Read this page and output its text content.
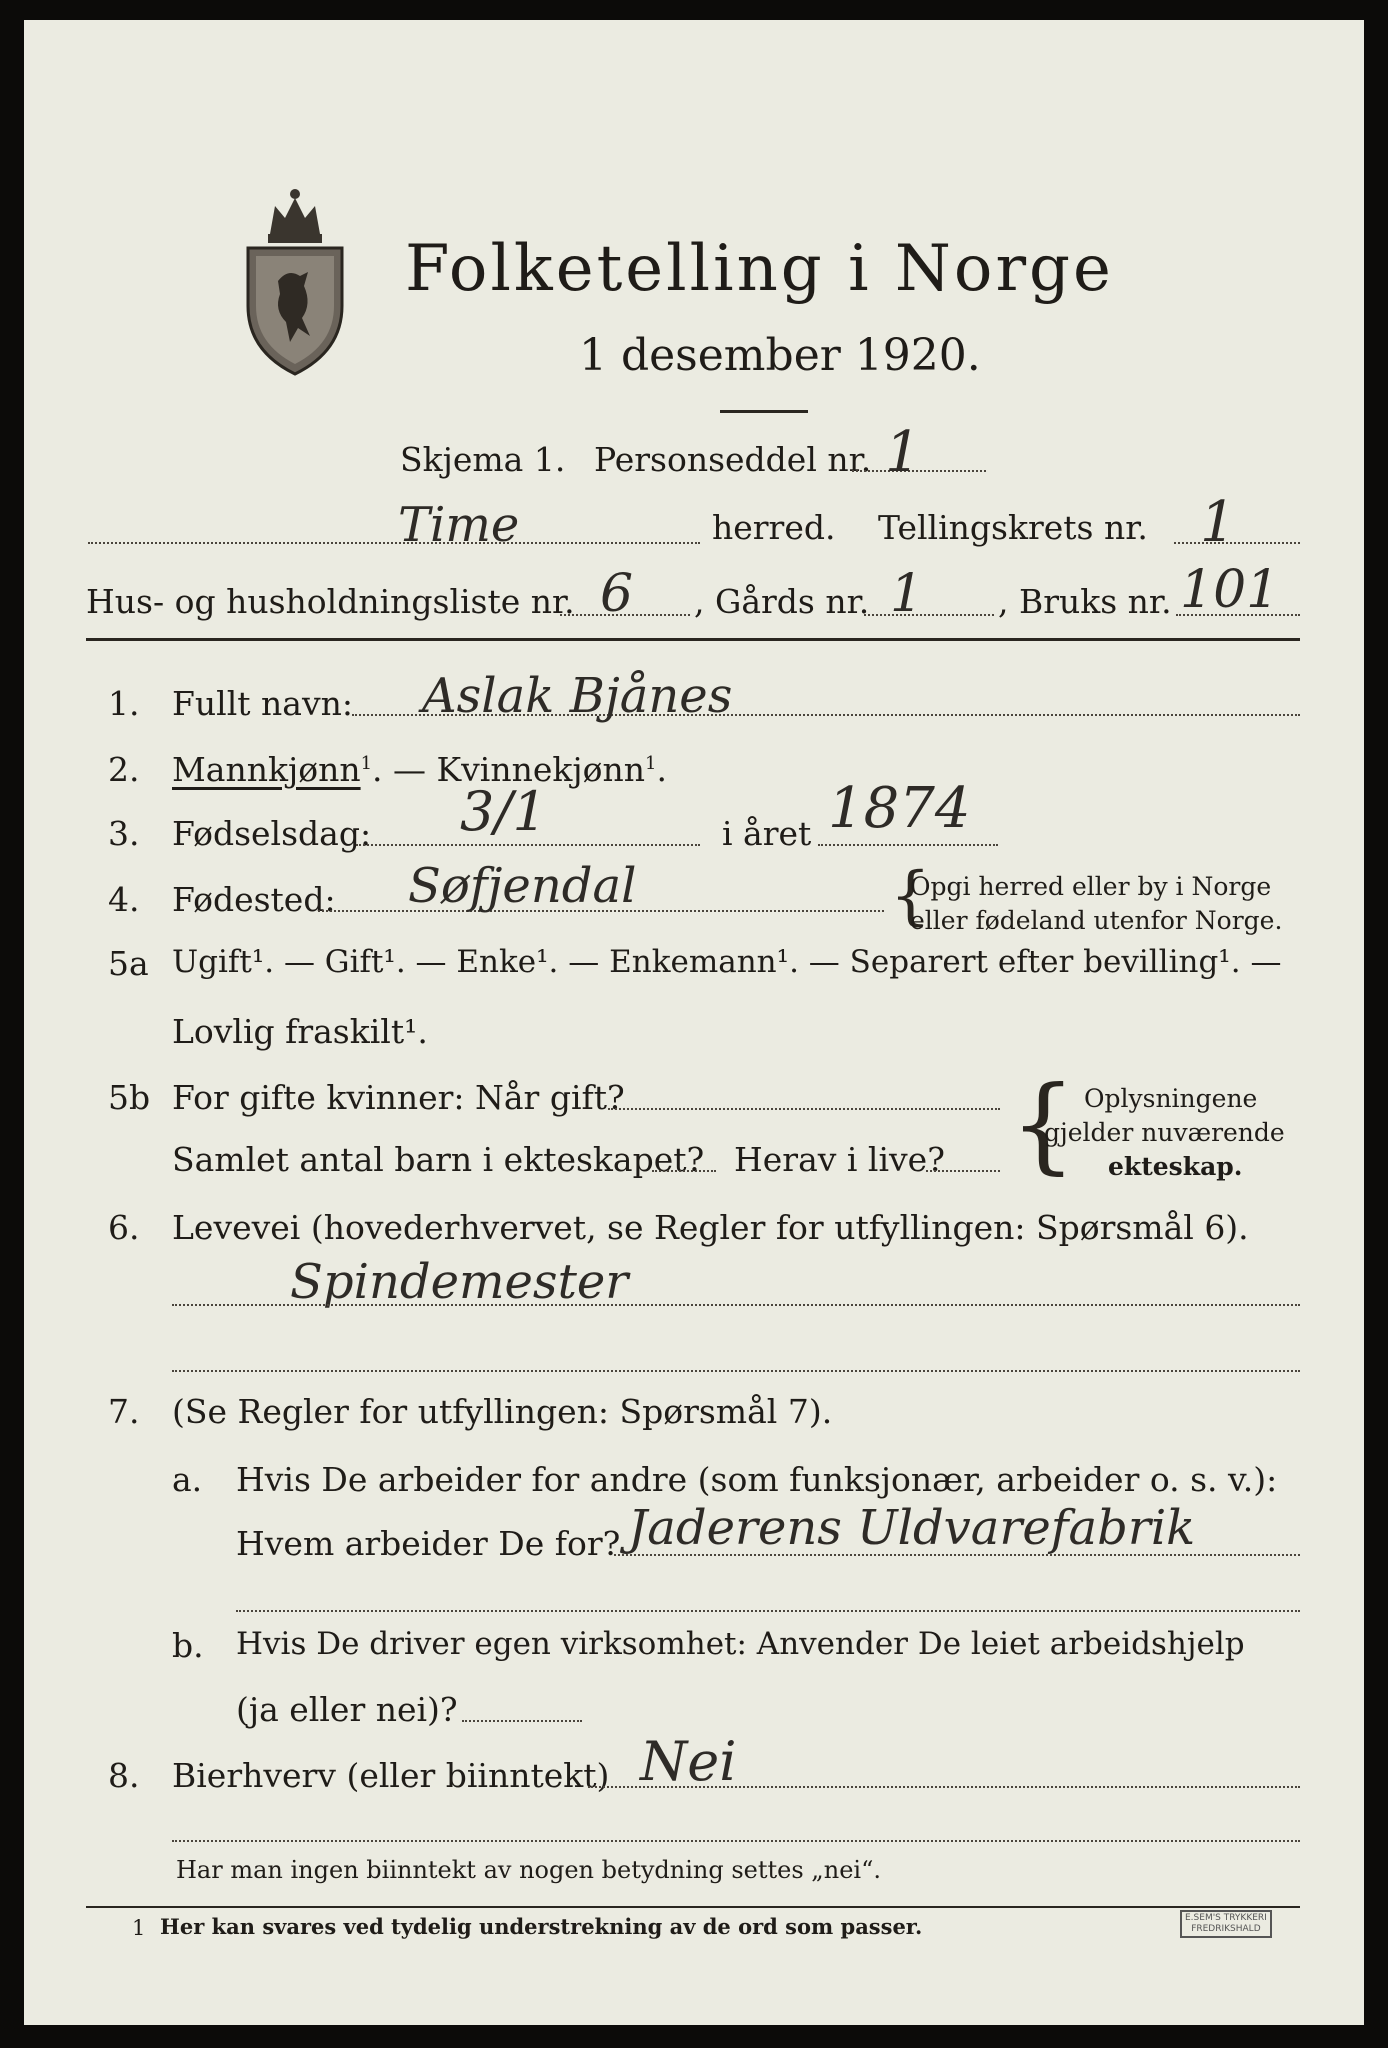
Folketelling i Norge
1 desember 1920.
Skjema 1. Personseddel nr. 1
Time	herred. Tellingskrets nr. 1
Hus- og husholdningsliste nr. 6 , Gårds nr. 1 , Bruks nr. 101
1. Fullt navn: Aslak Bjånes
2. Mannkjønn$^1$. — Kvinnekjønn$^1$.
3. Fødselsdag: 3/1	i året 1874
4. Fødested: Søfjendal	{
Opgi herred eller by i Norge
eller fødeland utenfor Norge.
5a Ugift¹. — Gift¹. — Enke¹. — Enkemann¹. — Separert efter bevilling¹. —
Lovlig fraskilt¹.
5b For gifte kvinner: Når gift?
Samlet antal barn i ekteskapet? Herav i live? { Oplysningene
gjelder nuværende
ekteskap.
6. Levevei (hovederhvervet, se Regler for utfyllingen: Spørsmål 6).
Spindemester
7. (Se Regler for utfyllingen: Spørsmål 7).
a. Hvis De arbeider for andre (som funksjonær, arbeider o. s. v.):
Hvem arbeider De for? Jaderens Uldvarefabrik
b. Hvis De driver egen virksomhet: Anvender De leiet arbeidshjelp
(ja eller nei)?
8. Bierhverv (eller biinntekt) Nei
Har man ingen biinntekt av nogen betydning settes „nei“.
1 Her kan svares ved tydelig understrekning av de ord som passer.	E.SEM'S TRYKKERI
FREDRIKSHALD
